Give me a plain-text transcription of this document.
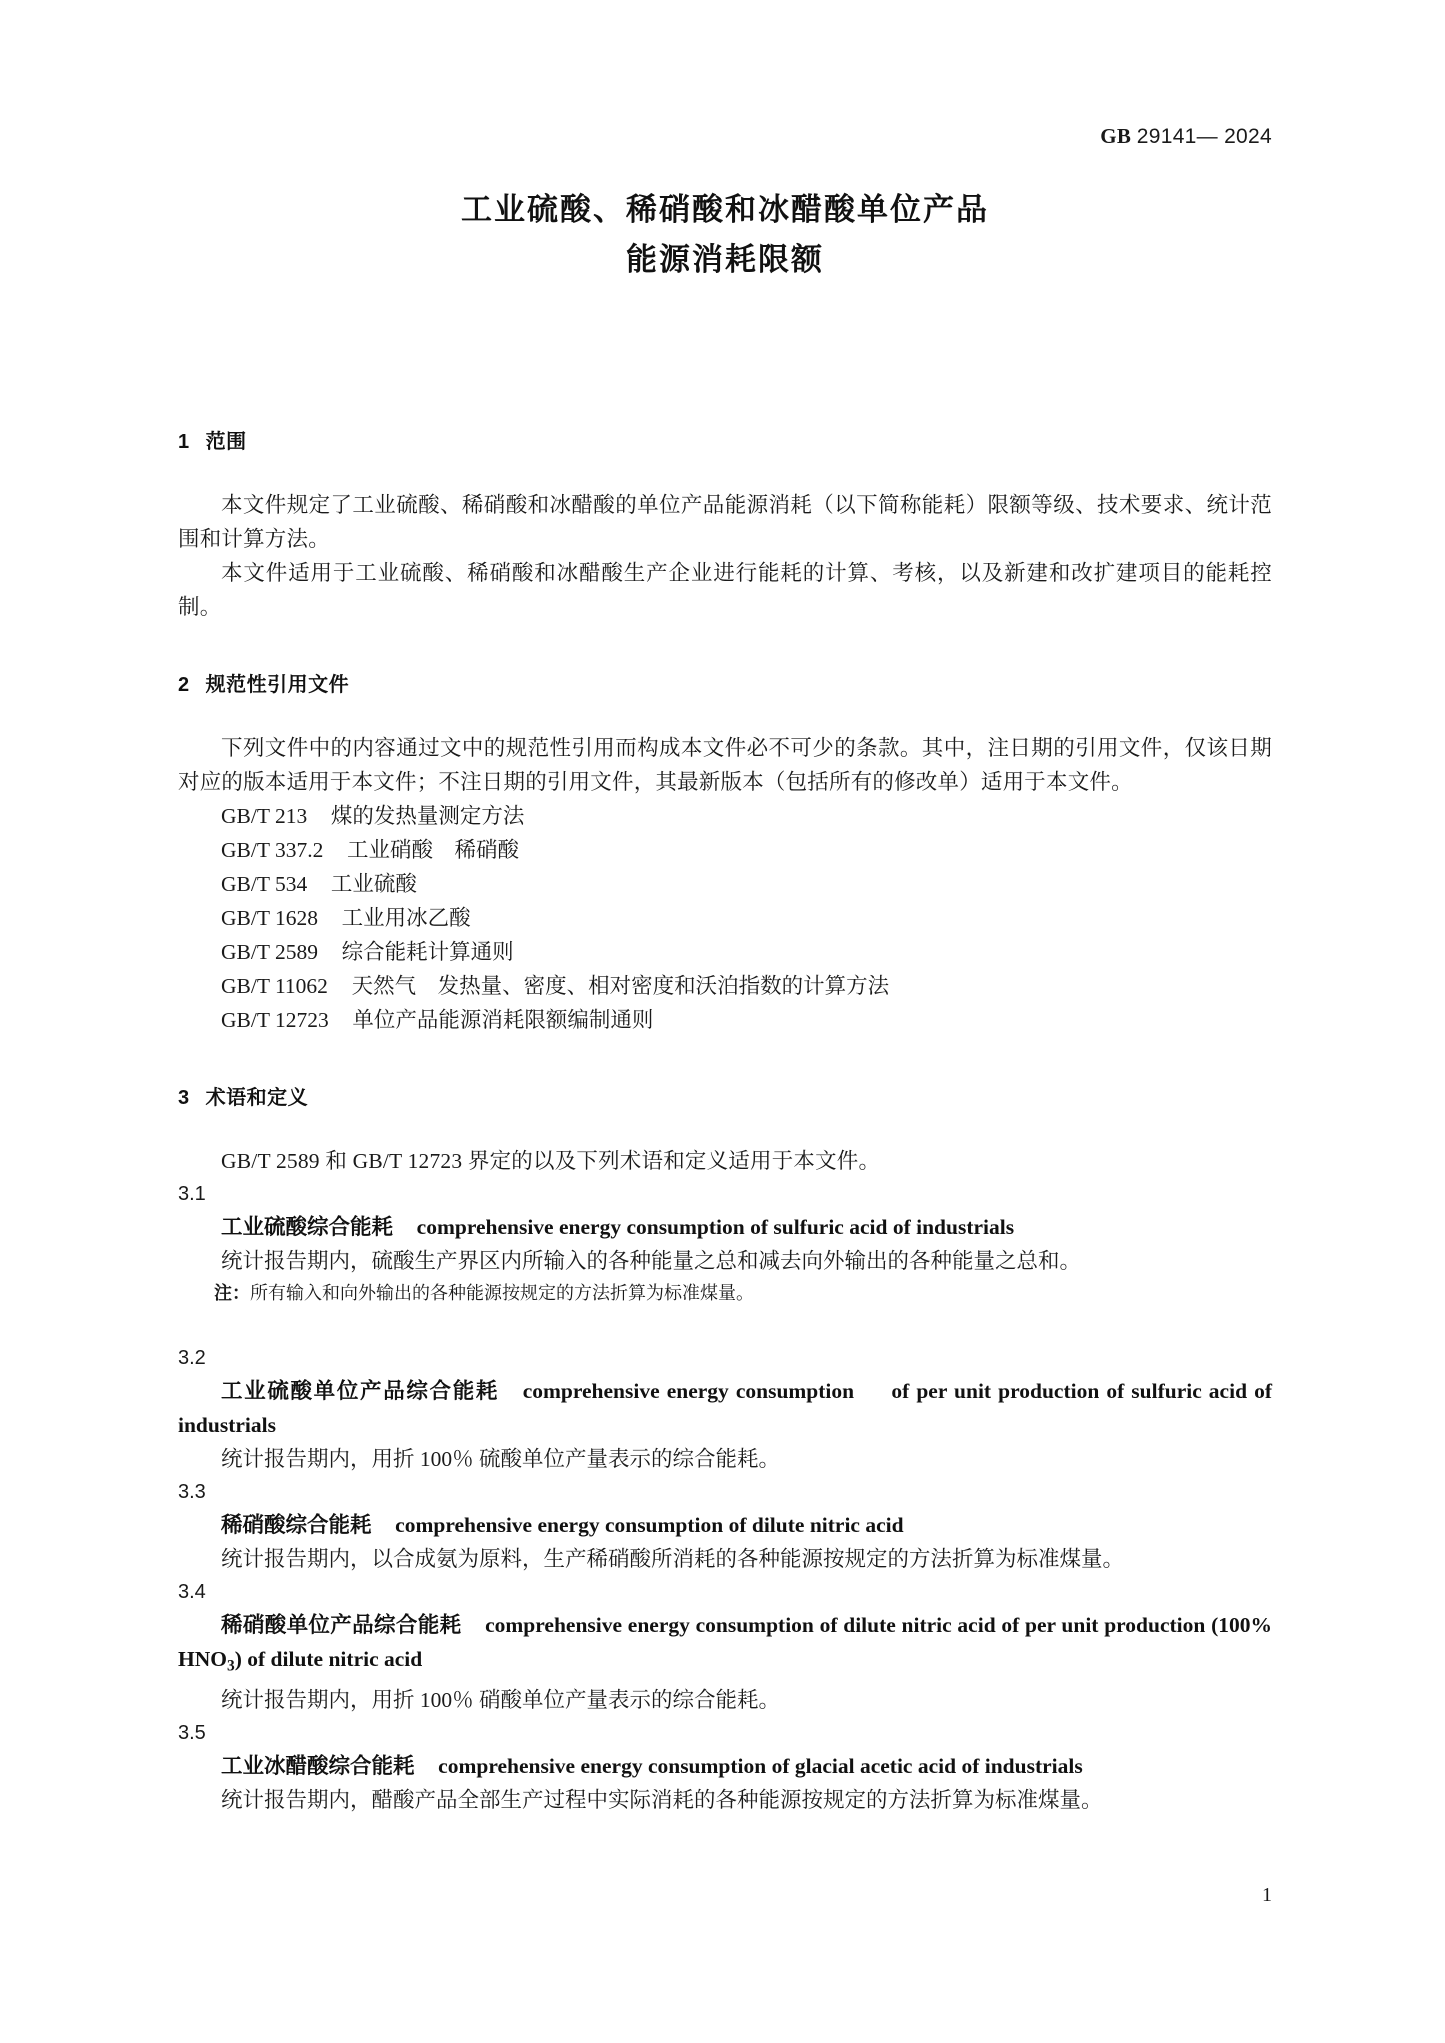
GB 29141— 2024
工业硫酸、稀硝酸和冰醋酸单位产品
能源消耗限额
1 范围
本文件规定了工业硫酸、稀硝酸和冰醋酸的单位产品能源消耗（以下简称能耗）限额等级、技术要求、统计范围和计算方法。
本文件适用于工业硫酸、稀硝酸和冰醋酸生产企业进行能耗的计算、考核，以及新建和改扩建项目的能耗控制。
2 规范性引用文件
下列文件中的内容通过文中的规范性引用而构成本文件必不可少的条款。其中，注日期的引用文件，仅该日期对应的版本适用于本文件；不注日期的引用文件，其最新版本（包括所有的修改单）适用于本文件。
GB/T 213 煤的发热量测定方法
GB/T 337.2 工业硝酸　稀硝酸
GB/T 534 工业硫酸
GB/T 1628 工业用冰乙酸
GB/T 2589 综合能耗计算通则
GB/T 11062 天然气　发热量、密度、相对密度和沃泊指数的计算方法
GB/T 12723 单位产品能源消耗限额编制通则
3 术语和定义
GB/T 2589 和 GB/T 12723 界定的以及下列术语和定义适用于本文件。
3.1
工业硫酸综合能耗 comprehensive energy consumption of sulfuric acid of industrials
统计报告期内，硫酸生产界区内所输入的各种能量之总和减去向外输出的各种能量之总和。
注：所有输入和向外输出的各种能源按规定的方法折算为标准煤量。
3.2
工业硫酸单位产品综合能耗 comprehensive energy consumption 　 of per unit production of sulfuric acid of industrials
统计报告期内，用折 100％ 硫酸单位产量表示的综合能耗。
3.3
稀硝酸综合能耗 comprehensive energy consumption of dilute nitric acid
统计报告期内，以合成氨为原料，生产稀硝酸所消耗的各种能源按规定的方法折算为标准煤量。
3.4
稀硝酸单位产品综合能耗 comprehensive energy consumption of dilute nitric acid of per unit production (100% $HNO_3$) of dilute nitric acid
统计报告期内，用折 100％ 硝酸单位产量表示的综合能耗。
3.5
工业冰醋酸综合能耗 comprehensive energy consumption of glacial acetic acid of industrials
统计报告期内，醋酸产品全部生产过程中实际消耗的各种能源按规定的方法折算为标准煤量。
1
